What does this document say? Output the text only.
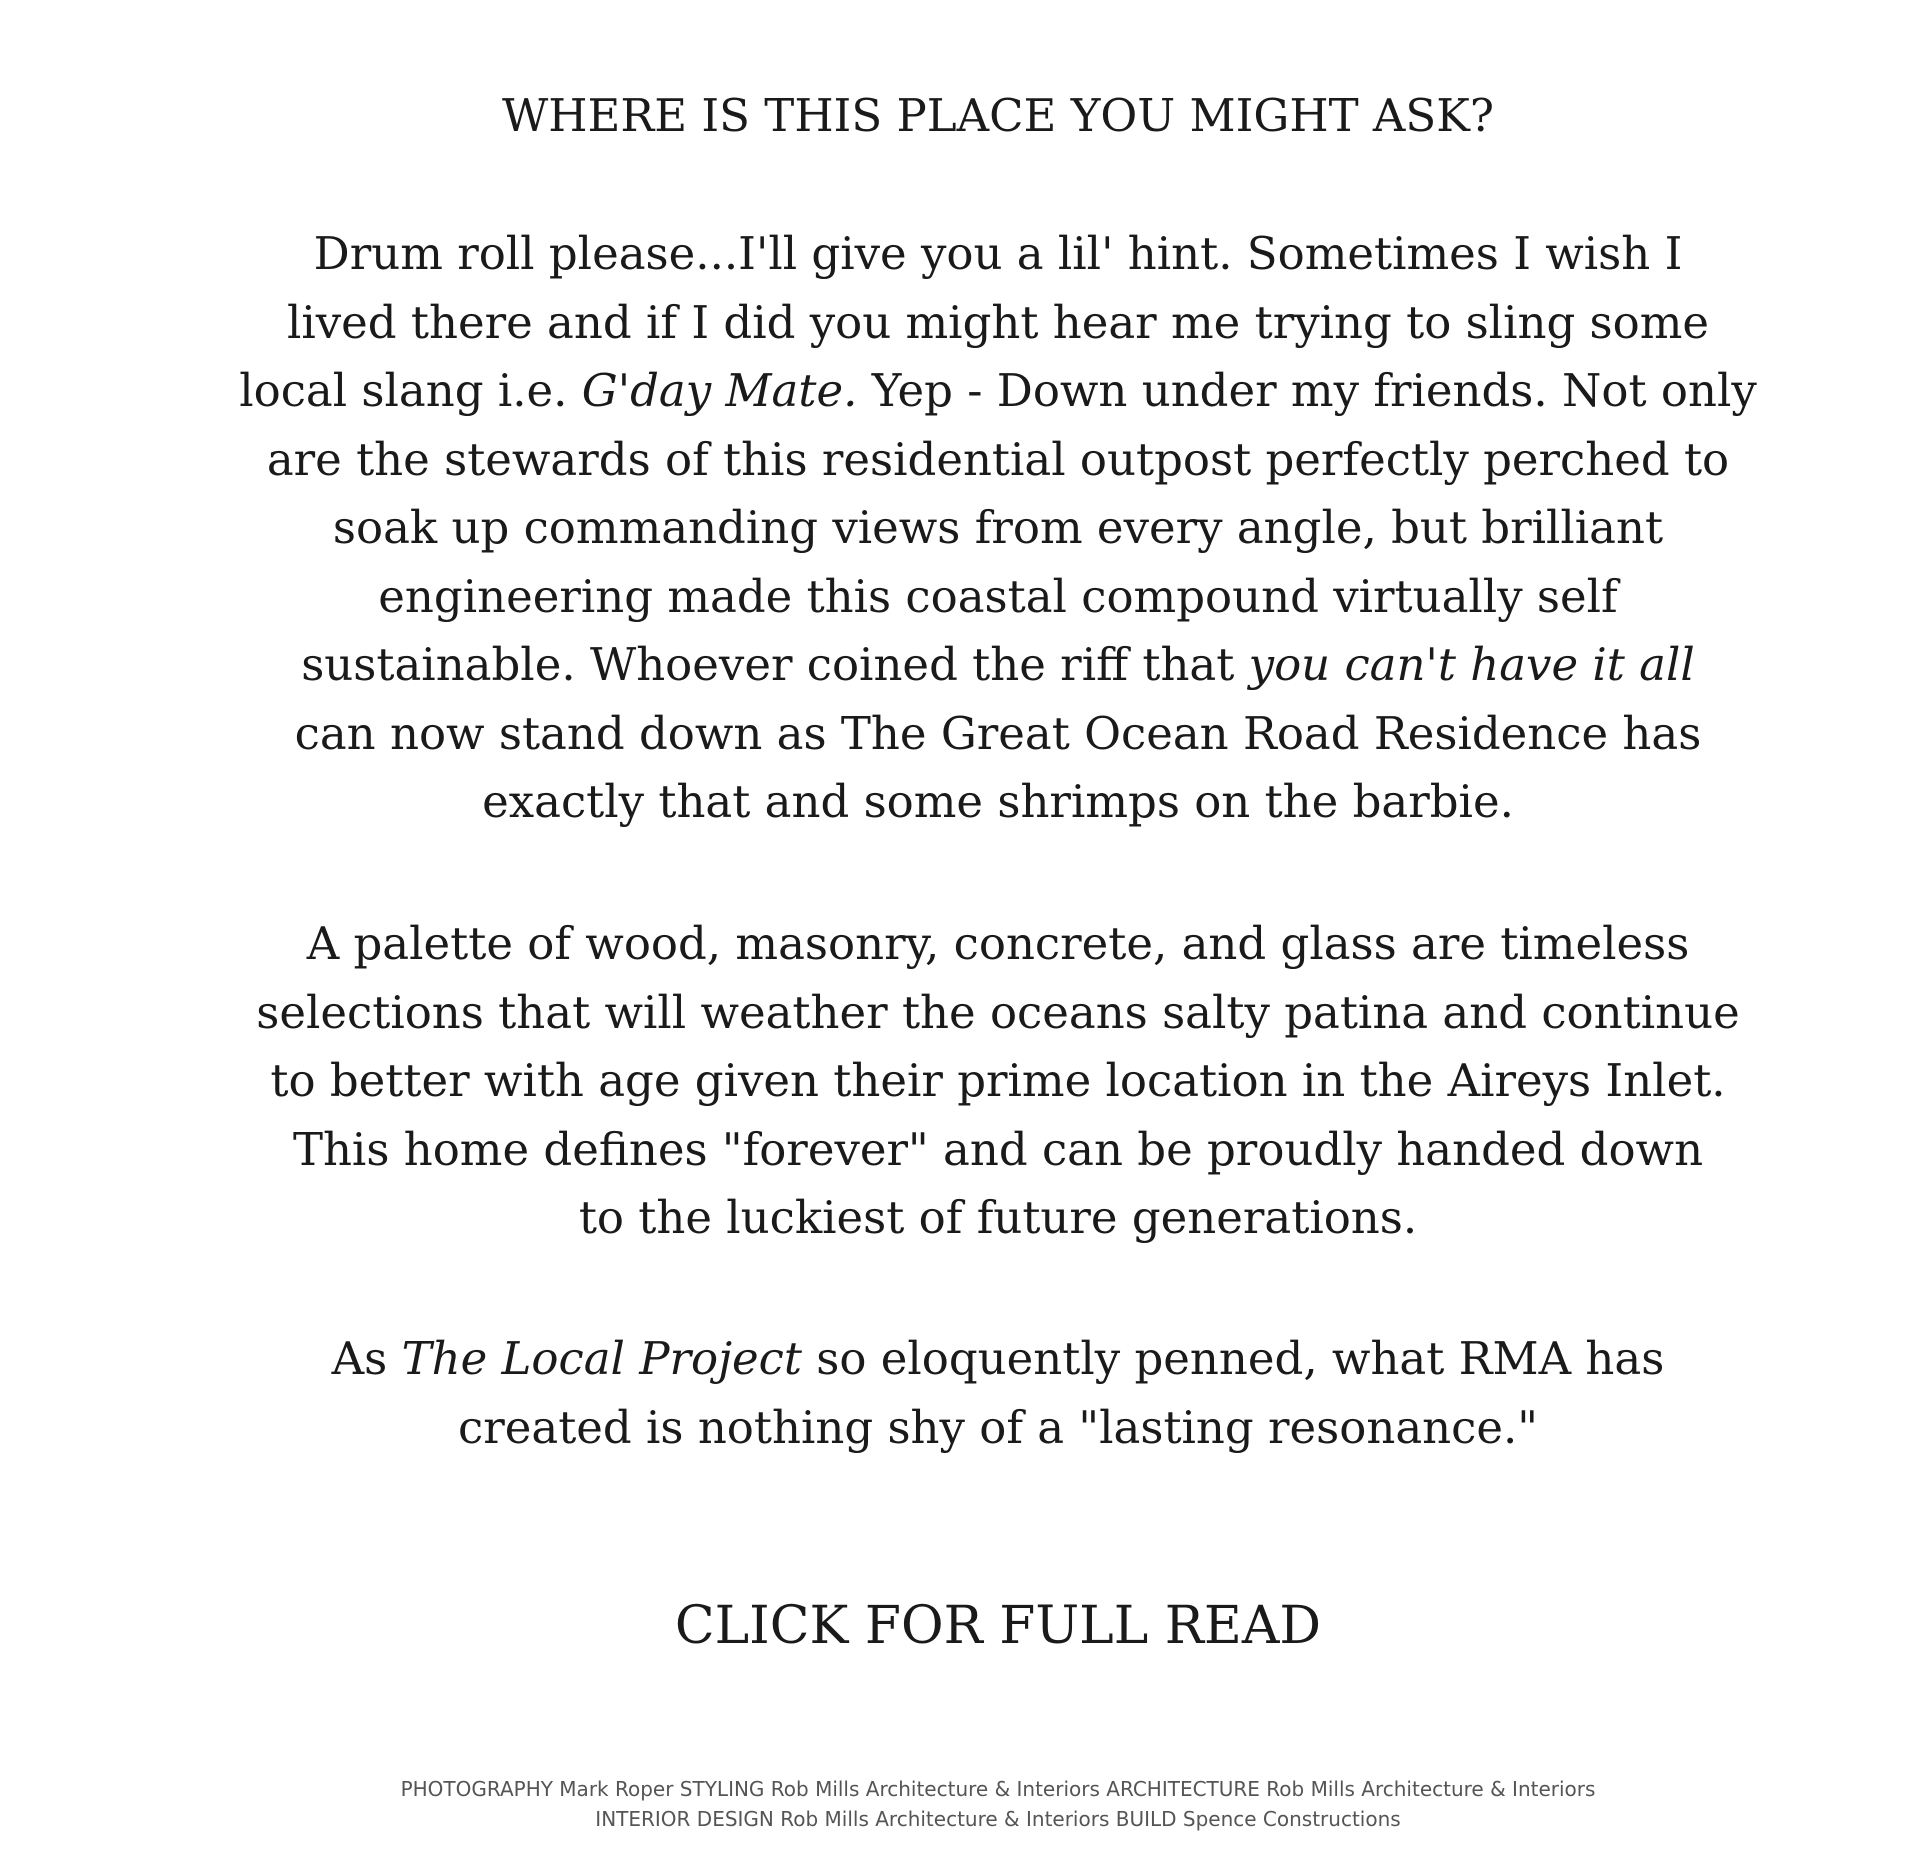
WHERE IS THIS PLACE YOU MIGHT ASK?
Drum roll please...I'll give you a lil' hint. Sometimes I wish I
lived there and if I did you might hear me trying to sling some
local slang i.e. G'day Mate. Yep - Down under my friends. Not only
are the stewards of this residential outpost perfectly perched to
soak up commanding views from every angle, but brilliant
engineering made this coastal compound virtually self
sustainable. Whoever coined the riff that you can't have it all
can now stand down as The Great Ocean Road Residence has
exactly that and some shrimps on the barbie.
A palette of wood, masonry, concrete, and glass are timeless
selections that will weather the oceans salty patina and continue
to better with age given their prime location in the Aireys Inlet.
This home defines "forever" and can be proudly handed down
to the luckiest of future generations.
As The Local Project so eloquently penned, what RMA has
created is nothing shy of a "lasting resonance."
CLICK FOR FULL READ
PHOTOGRAPHY Mark Roper STYLING Rob Mills Architecture & Interiors ARCHITECTURE Rob Mills Architecture & Interiors
INTERIOR DESIGN Rob Mills Architecture & Interiors BUILD Spence Constructions
